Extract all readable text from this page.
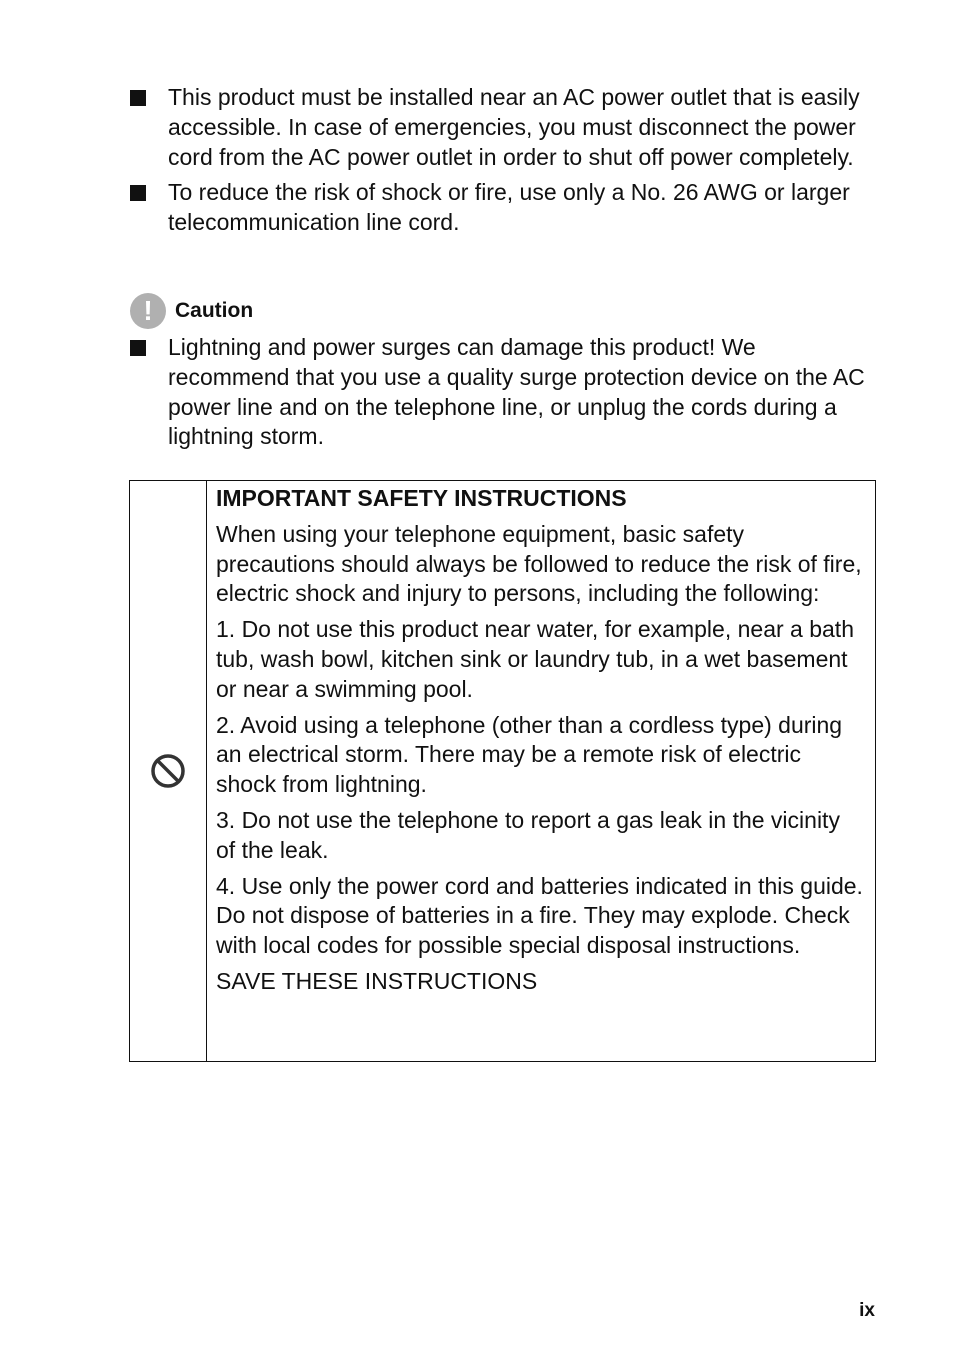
This product must be installed near an AC power outlet that is easily accessible. In case of emergencies, you must disconnect the power cord from the AC power outlet in order to shut off power completely.
To reduce the risk of shock or fire, use only a No. 26 AWG or larger telecommunication line cord.
!	Caution
Lightning and power surges can damage this product! We recommend that you use a quality surge protection device on the AC power line and on the telephone line, or unplug the cords during a lightning storm.

IMPORTANT SAFETY INSTRUCTIONS

When using your telephone equipment, basic safety precautions should always be followed to reduce the risk of fire, electric shock and injury to persons, including the following:

1. Do not use this product near water, for example, near a bath tub, wash bowl, kitchen sink or laundry tub, in a wet basement or near a swimming pool.

2. Avoid using a telephone (other than a cordless type) during an electrical storm. There may be a remote risk of electric shock from lightning.

3. Do not use the telephone to report a gas leak in the vicinity of the leak.

4. Use only the power cord and batteries indicated in this guide. Do not dispose of batteries in a fire. They may explode. Check with local codes for possible special disposal instructions.

SAVE THESE INSTRUCTIONS

ix
